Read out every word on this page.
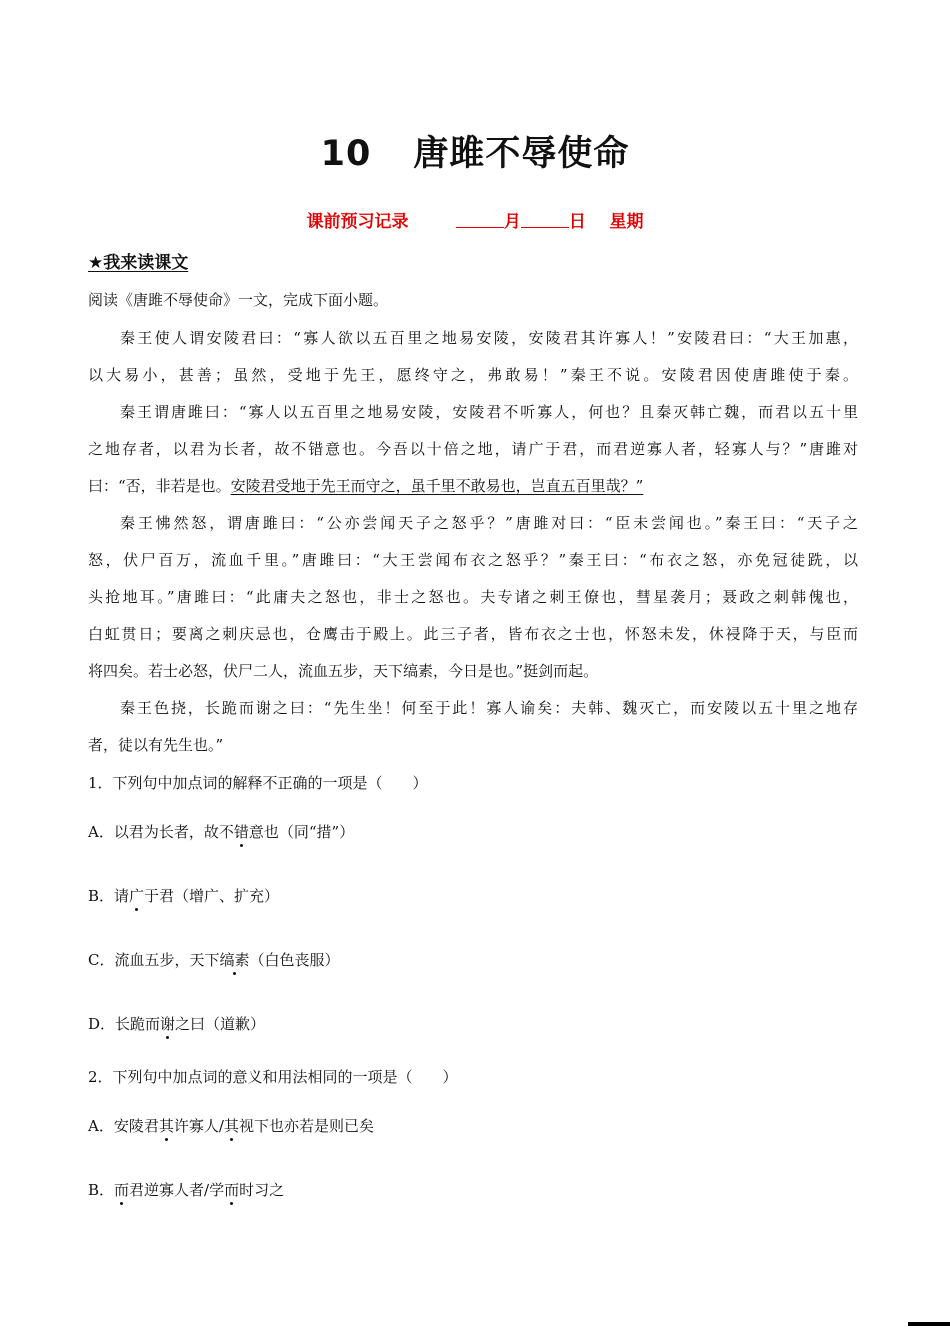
10 唐雎不辱使命
课前预习记录	月	日 星期
★我来读课文
阅读《唐雎不辱使命》一文，完成下面小题。
秦王使人谓安陵君曰：“寡人欲以五百里之地易安陵，安陵君其许寡人！”安陵君曰：“大王加惠，
以大易小，甚善；虽然，受地于先王，愿终守之，弗敢易！”秦王不说。安陵君因使唐雎使于秦。
秦王谓唐雎曰：“寡人以五百里之地易安陵，安陵君不听寡人，何也？且秦灭韩亡魏，而君以五十里
之地存者，以君为长者，故不错意也。今吾以十倍之地，请广于君，而君逆寡人者，轻寡人与？”唐雎对
曰：“否，非若是也。安陵君受地于先王而守之，虽千里不敢易也，岂直五百里哉？”
秦王怫然怒，谓唐雎曰：“公亦尝闻天子之怒乎？”唐雎对曰：“臣未尝闻也。”秦王曰：“天子之
怒，伏尸百万，流血千里。”唐雎曰：“大王尝闻布衣之怒乎？”秦王曰：“布衣之怒，亦免冠徒跣，以
头抢地耳。”唐雎曰：“此庸夫之怒也，非士之怒也。夫专诸之刺王僚也，彗星袭月；聂政之刺韩傀也，
白虹贯日；要离之刺庆忌也，仓鹰击于殿上。此三子者，皆布衣之士也，怀怒未发，休祲降于天，与臣而
将四矣。若士必怒，伏尸二人，流血五步，天下缟素，今日是也。”挺剑而起。
秦王色挠，长跪而谢之曰：“先生坐！何至于此！寡人谕矣：夫韩、魏灭亡，而安陵以五十里之地存
者，徒以有先生也。”
1．下列句中加点词的解释不正确的一项是（　　）
A．以君为长者，故不错意也（同“措”）
B．请广于君（增广、扩充）
C．流血五步，天下缟素（白色丧服）
D．长跪而谢之曰（道歉）
2．下列句中加点词的意义和用法相同的一项是（　　）
A．安陵君其许寡人/其视下也亦若是则已矣
B．而君逆寡人者/学而时习之
